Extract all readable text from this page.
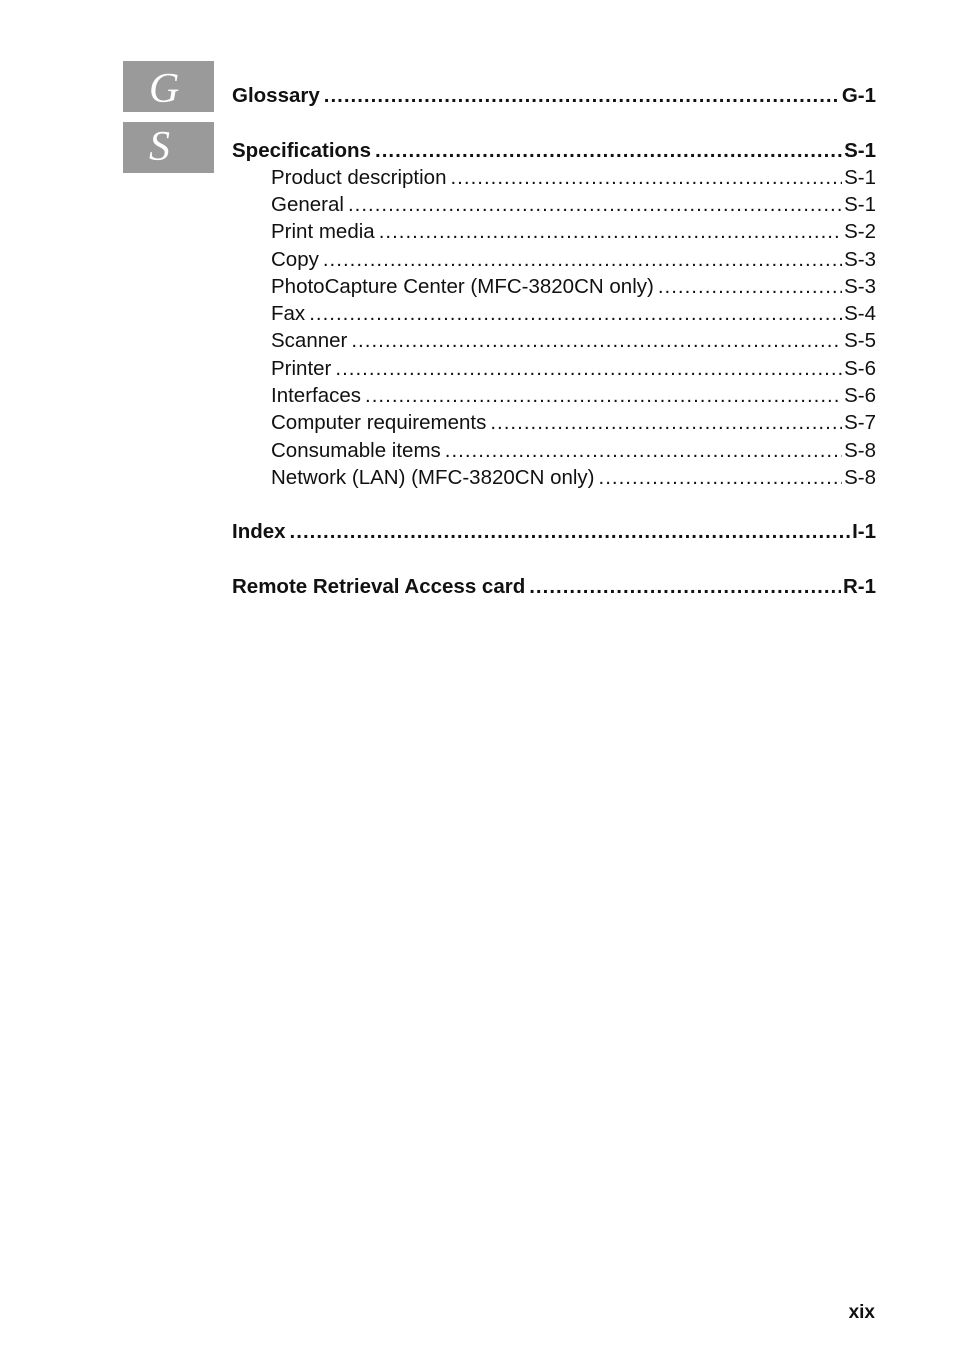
G
S
Glossary .....	G-1
Specifications .....	S-1
Product description .....	S-1
General .....	S-1
Print media .....	S-2
Copy .....	S-3
PhotoCapture Center (MFC-3820CN only) .....	S-3
Fax .....	S-4
Scanner .....	S-5
Printer .....	S-6
Interfaces .....	S-6
Computer requirements .....	S-7
Consumable items .....	S-8
Network (LAN) (MFC-3820CN only) .....	S-8
Index .....	I-1
Remote Retrieval Access card .....	R-1
xix
